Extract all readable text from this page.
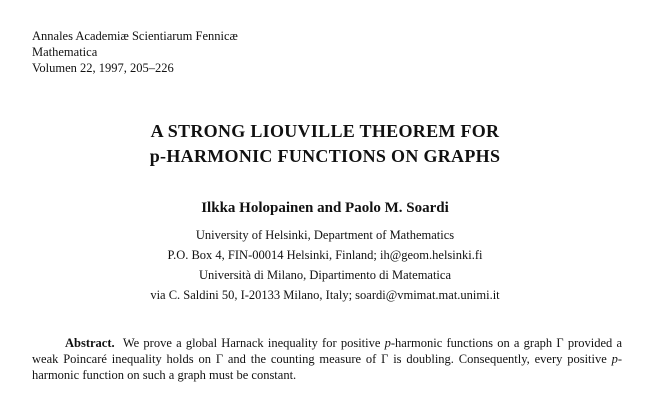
Annales Academiæ Scientiarum Fennicæ
Mathematica
Volumen 22, 1997, 205–226
A STRONG LIOUVILLE THEOREM FOR
p-HARMONIC FUNCTIONS ON GRAPHS
Ilkka Holopainen and Paolo M. Soardi
University of Helsinki, Department of Mathematics
P.O. Box 4, FIN-00014 Helsinki, Finland; ih@geom.helsinki.fi
Università di Milano, Dipartimento di Matematica
via C. Saldini 50, I-20133 Milano, Italy; soardi@vmimat.mat.unimi.it
Abstract. We prove a global Harnack inequality for positive p-harmonic functions on a graph Γ provided a weak Poincaré inequality holds on Γ and the counting measure of Γ is doubling. Consequently, every positive p-harmonic function on such a graph must be constant.
